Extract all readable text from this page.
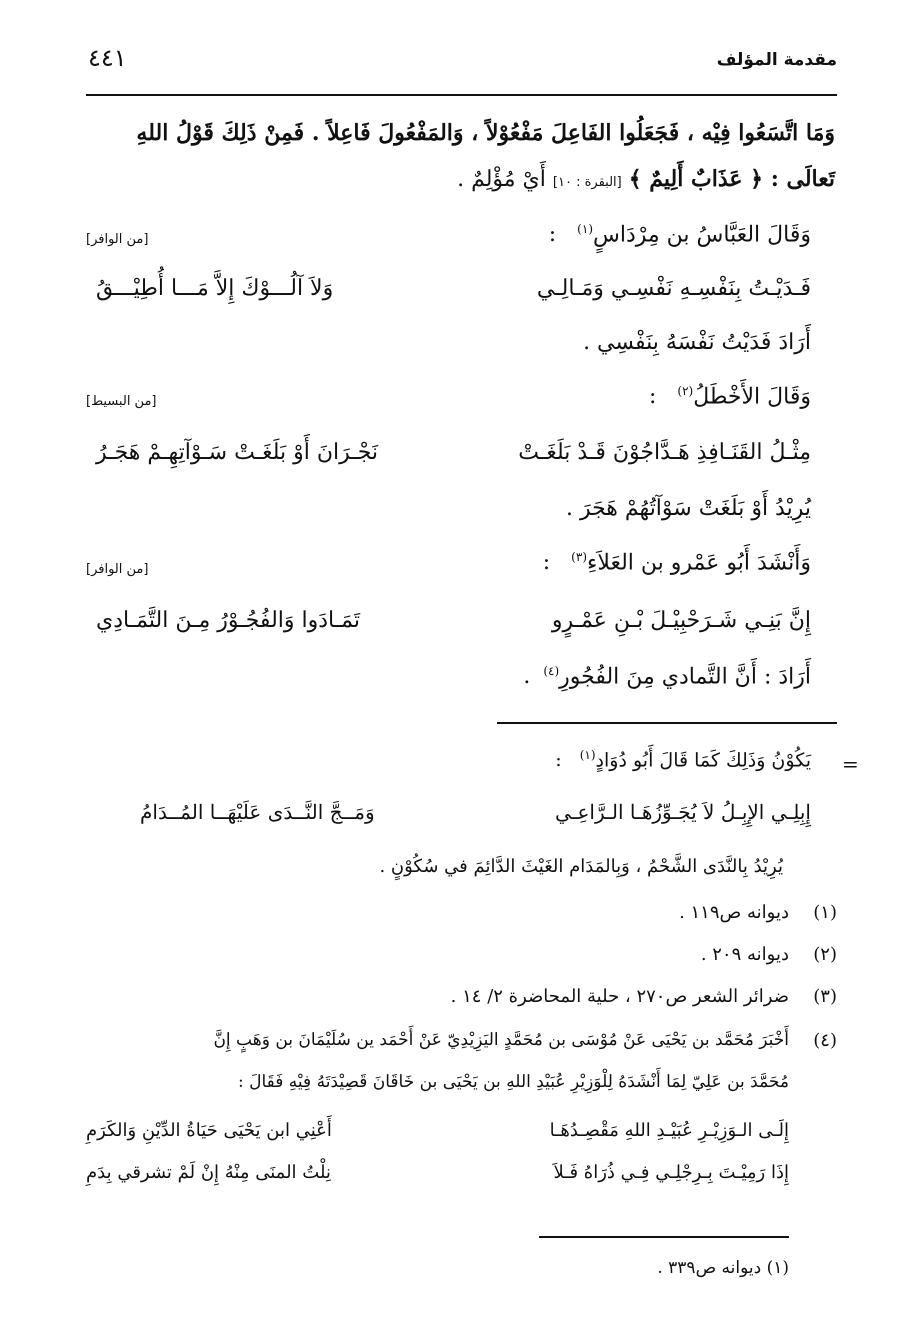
مقدمة المؤلف
٤٤١
وَمَا اتَّسَعُوا فِيْه ، فَجَعَلُوا الفَاعِلَ مَفْعُوْلاً ، وَالمَفْعُولَ فَاعِلاً . فَمِنْ ذَلِكَ قَوْلُ اللهِ
تَعالَى : ﴿ عَذَابٌ أَلِيمٌ ﴾ [البقرة : ١٠] أَيْ مُؤْلِمٌ .
وَقَالَ العَبَّاسُ بن مِرْدَاسٍ$^{(١)}$ :
[من الوافر]
فَـدَيْـتُ بِنَفْسِـهِ نَفْسِـي وَمَـالِـي
وَلاَ آلُـــوْكَ إِلاَّ مَـــا أُطِيْـــقُ
أَرَادَ فَدَيْتُ نَفْسَهُ بِنَفْسِي .
وَقَالَ الأَخْطَلُ$^{(٢)}$ :
[من البسيط]
مِثْـلُ القَنَـافِذِ هَـدَّاجُوْنَ قَـدْ بَلَغَـتْ
نَجْـرَانَ أَوْ بَلَغَـتْ سَـوْآتِهِـمْ هَجَـرُ
يُرِيْدُ أَوْ بَلَغَتْ سَوْآتُهُمْ هَجَرَ .
وَأَنْشَدَ أَبُو عَمْرو بن العَلاَءِ$^{(٣)}$ :
[من الوافر]
إِنَّ بَنِـي شَـرَحْبِيْـلَ بْـنِ عَمْـرٍو
تَمَـادَوا وَالفُجُـوْرُ مِـنَ التَّمَـادِي
أَرَادَ : أَنَّ التَّمادي مِنَ الفُجُورِ$^{(٤)}$ .
=
يَكُوْنُ وَذَلِكَ كَمَا قَالَ أَبُو دُوَادٍ$^{(١)}$ :
إِبِلِـي الإِبِـلُ لاَ يُجَـوِّزُهَـا الـرَّاعِـي
وَمَــجَّ النَّــدَى عَلَيْهَــا المُــدَامُ
يُرِيْدُ بِالنَّدَى الشَّحْمُ ، وَبِالمَدَام الغَيْثَ الدَّائِمَ في سُكُوْنٍ .
(١)
ديوانه ص١١٩ .
(٢)
ديوانه ٢٠٩ .
(٣)
ضرائر الشعر ص٢٧٠ ، حلية المحاضرة ٢/ ١٤ .
(٤)
أَخْبَرَ مُحَمَّد بن يَحْيَى عَنْ مُوْسَى بن مُحَمَّدٍ اليَزِيْدِيّ عَنْ أَحْمَد ين سُلَيْمَانَ بن وَهَبٍ إِنَّ
مُحَمَّدَ بن عَلِيّ لِمَا أَنْشَدَهُ لِلْوَزِيْرِ عُبَيْدِ اللهِ بن يَحْيَى بن خَاقَانَ قَصِيْدَتَهُ فِيْهِ فَقَالَ :
إِلَـى الـوَزِيْـرِ عُبَيْـدِ اللهِ مَقْصِـدُهَـا
أَعْنِي ابن يَحْيَى حَيَاةُ الدِّيْنِ وَالكَرَمِ
إِذَا رَمِيْـتَ بِـرِجْلِـي فِـي ذُرَاهُ فَـلاَ
نِلْتُ المنَى مِنْهُ إِنْ لَمْ تشرقي بِدَمِ
(١) ديوانه ص٣٣٩ .
